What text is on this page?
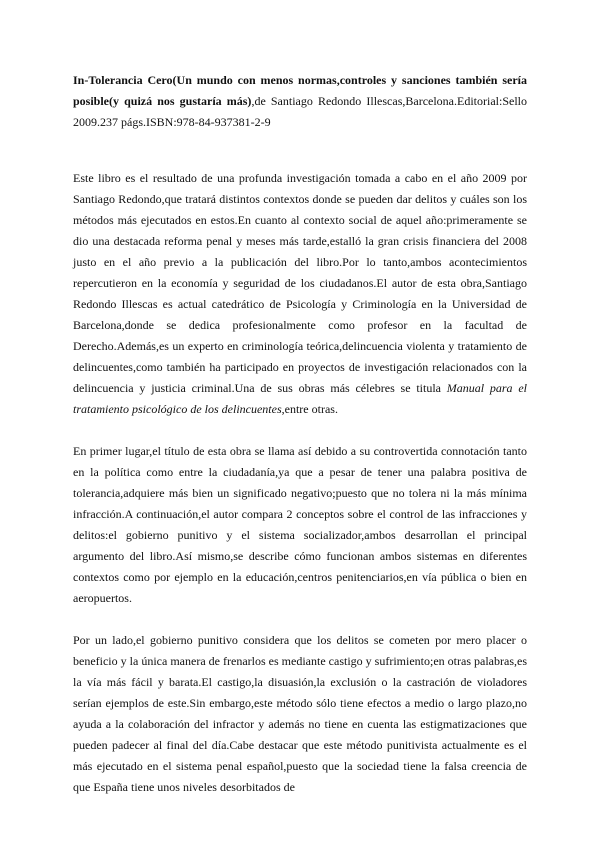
In-Tolerancia Cero(Un mundo con menos normas,controles y sanciones también sería posible(y quizá nos gustaría más),de Santiago Redondo Illescas,Barcelona.Editorial:Sello 2009.237 págs.ISBN:978-84-937381-2-9

Este libro es el resultado de una profunda investigación tomada a cabo en el año 2009 por Santiago Redondo,que tratará distintos contextos donde se pueden dar delitos y cuáles son los métodos más ejecutados en estos.En cuanto al contexto social de aquel año:primeramente se dio una destacada reforma penal y meses más tarde,estalló la gran crisis financiera del 2008 justo en el año previo a la publicación del libro.Por lo tanto,ambos acontecimientos repercutieron en la economía y seguridad de los ciudadanos.El autor de esta obra,Santiago Redondo Illescas es actual catedrático de Psicología y Criminología en la Universidad de Barcelona,donde se dedica profesionalmente como profesor en la facultad de Derecho.Además,es un experto en criminología teórica,delincuencia violenta y tratamiento de delincuentes,como también ha participado en proyectos de investigación relacionados con la delincuencia y justicia criminal.Una de sus obras más célebres se titula Manual para el tratamiento psicológico de los delincuentes,entre otras.

En primer lugar,el título de esta obra se llama así debido a su controvertida connotación tanto en la política como entre la ciudadanía,ya que a pesar de tener una palabra positiva de tolerancia,adquiere más bien un significado negativo;puesto que no tolera ni la más mínima infracción.A continuación,el autor compara 2 conceptos sobre el control de las infracciones y delitos:el gobierno punitivo y el sistema socializador,ambos desarrollan el principal argumento del libro.Así mismo,se describe cómo funcionan ambos sistemas en diferentes contextos como por ejemplo en la educación,centros penitenciarios,en vía pública o bien en aeropuertos.

Por un lado,el gobierno punitivo considera que los delitos se cometen por mero placer o beneficio y la única manera de frenarlos es mediante castigo y sufrimiento;en otras palabras,es la vía más fácil y barata.El castigo,la disuasión,la exclusión o la castración de violadores serían ejemplos de este.Sin embargo,este método sólo tiene efectos a medio o largo plazo,no ayuda a la colaboración del infractor y además no tiene en cuenta las estigmatizaciones que pueden padecer al final del día.Cabe destacar que este método punitivista actualmente es el más ejecutado en el sistema penal español,puesto que la sociedad tiene la falsa creencia de que España tiene unos niveles desorbitados de
